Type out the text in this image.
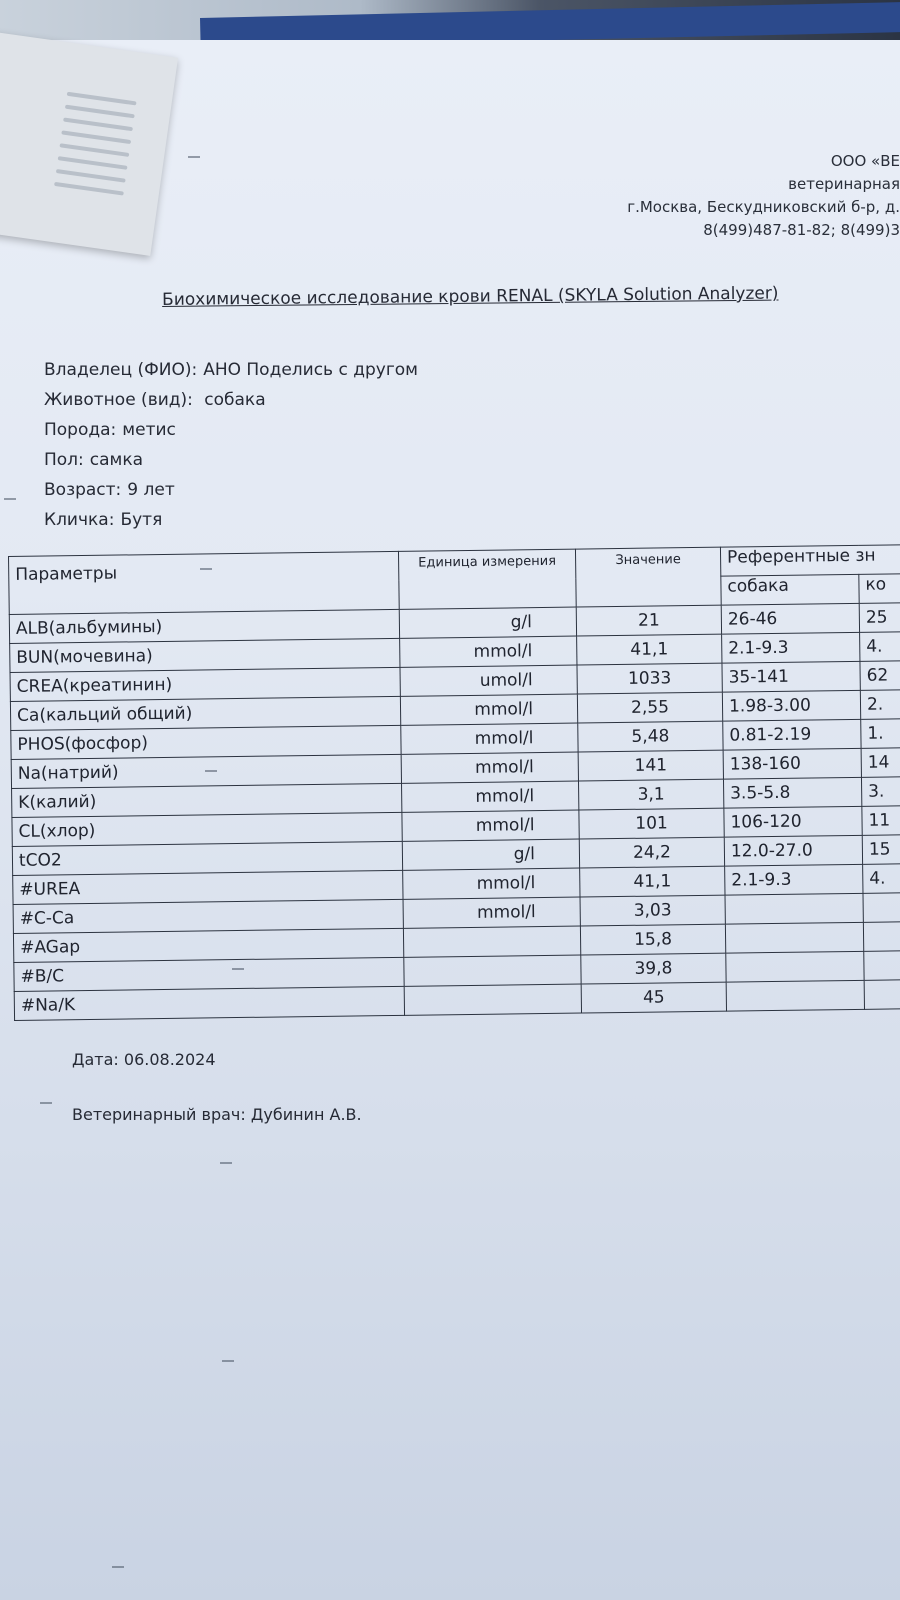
ООО «ВЕ
ветеринарная
г.Москва, Бескудниковский б-р, д.
8(499)487-81-82; 8(499)3
Биохимическое исследование крови RENAL (SKYLA Solution Analyzer)
Владелец (ФИО): АНО Поделись с другом
Животное (вид): собака
Порода: метис
Пол: самка
Возраст: 9 лет
Кличка: Бутя
Параметры	Единица измерения	Значение	Референтные зн	
			собака	ко
ALB(альбумины)	g/l	21	26-46	25
BUN(мочевина)	mmol/l	41,1	2.1-9.3	4.
CREA(креатинин)	umol/l	1033	35-141	62
Ca(кальций общий)	mmol/l	2,55	1.98-3.00	2.
PHOS(фосфор)	mmol/l	5,48	0.81-2.19	1.
Na(натрий)	mmol/l	141	138-160	14
K(калий)	mmol/l	3,1	3.5-5.8	3.
CL(хлор)	mmol/l	101	106-120	11
tCO2	g/l	24,2	12.0-27.0	15
#UREA	mmol/l	41,1	2.1-9.3	4.
#C-Ca	mmol/l	3,03		
#AGap		15,8		
#B/C		39,8		
#Na/K		45		
Дата: 06.08.2024
Ветеринарный врач: Дубинин А.В.
